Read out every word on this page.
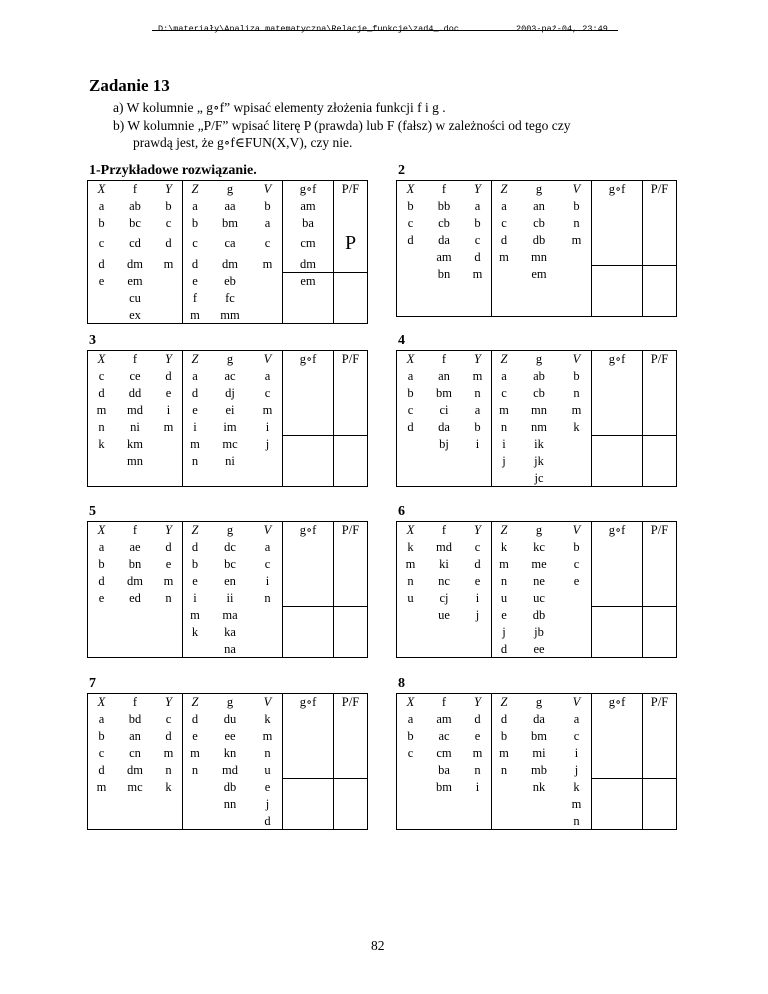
D:\materiały\Analiza matematyczna\Relacje_funkcje\zad4_.doc	2003-paź-04, 23:49
Zadanie 13
a) W kolumnie „ g∘f” wpisać elementy złożenia funkcji f i g .
b) W kolumnie „P/F” wpisać literę P (prawda) lub F (fałsz) w zależności od tego czy
prawdą jest, że g∘f∈FUN(X,V), czy nie.
1-Przykładowe rozwiązanie.
X	f	Y	Z	g	V	g∘f	P/F
a	ab	b	a	aa	b	am	
b	bc	c	b	bm	a	ba	
c	cd	d	c	ca	c	cm	P
d	dm	m	d	dm	m	dm	
e	em		e	eb		em	
	cu		f	fc			
	ex		m	mm			
2
X	f	Y	Z	g	V	g∘f	P/F
b	bb	a	a	an	b		
c	cb	b	c	cb	n		
d	da	c	d	db	m		
	am	d	m	mn			
	bn	m		em			

3
X	f	Y	Z	g	V	g∘f	P/F
c	ce	d	a	ac	a		
d	dd	e	d	dj	c		
m	md	i	e	ei	m		
n	ni	m	i	im	i		
k	km		m	mc	j		
	mn		n	ni			

4
X	f	Y	Z	g	V	g∘f	P/F
a	an	m	a	ab	b		
b	bm	n	c	cb	n		
c	ci	a	m	mn	m		
d	da	b	n	nm	k		
	bj	i	i	ik			
			j	jk			
				jc			
5
X	f	Y	Z	g	V	g∘f	P/F
a	ae	d	d	dc	a		
b	bn	e	b	bc	c		
d	dm	m	e	en	i		
e	ed	n	i	ii	n		
			m	ma			
			k	ka			
				na			
6
X	f	Y	Z	g	V	g∘f	P/F
k	md	c	k	kc	b		
m	ki	d	m	me	c		
n	nc	e	n	ne	e		
u	cj	i	u	uc			
	ue	j	e	db			
			j	jb			
			d	ee			
7
X	f	Y	Z	g	V	g∘f	P/F
a	bd	c	d	du	k		
b	an	d	e	ee	m		
c	cn	m	m	kn	n		
d	dm	n	n	md	u		
m	mc	k		db	e		
				nn	j		
					d		
8
X	f	Y	Z	g	V	g∘f	P/F
a	am	d	d	da	a		
b	ac	e	b	bm	c		
c	cm	m	m	mi	i		
	ba	n	n	mb	j		
	bm	i		nk	k		
					m		
					n		
82
